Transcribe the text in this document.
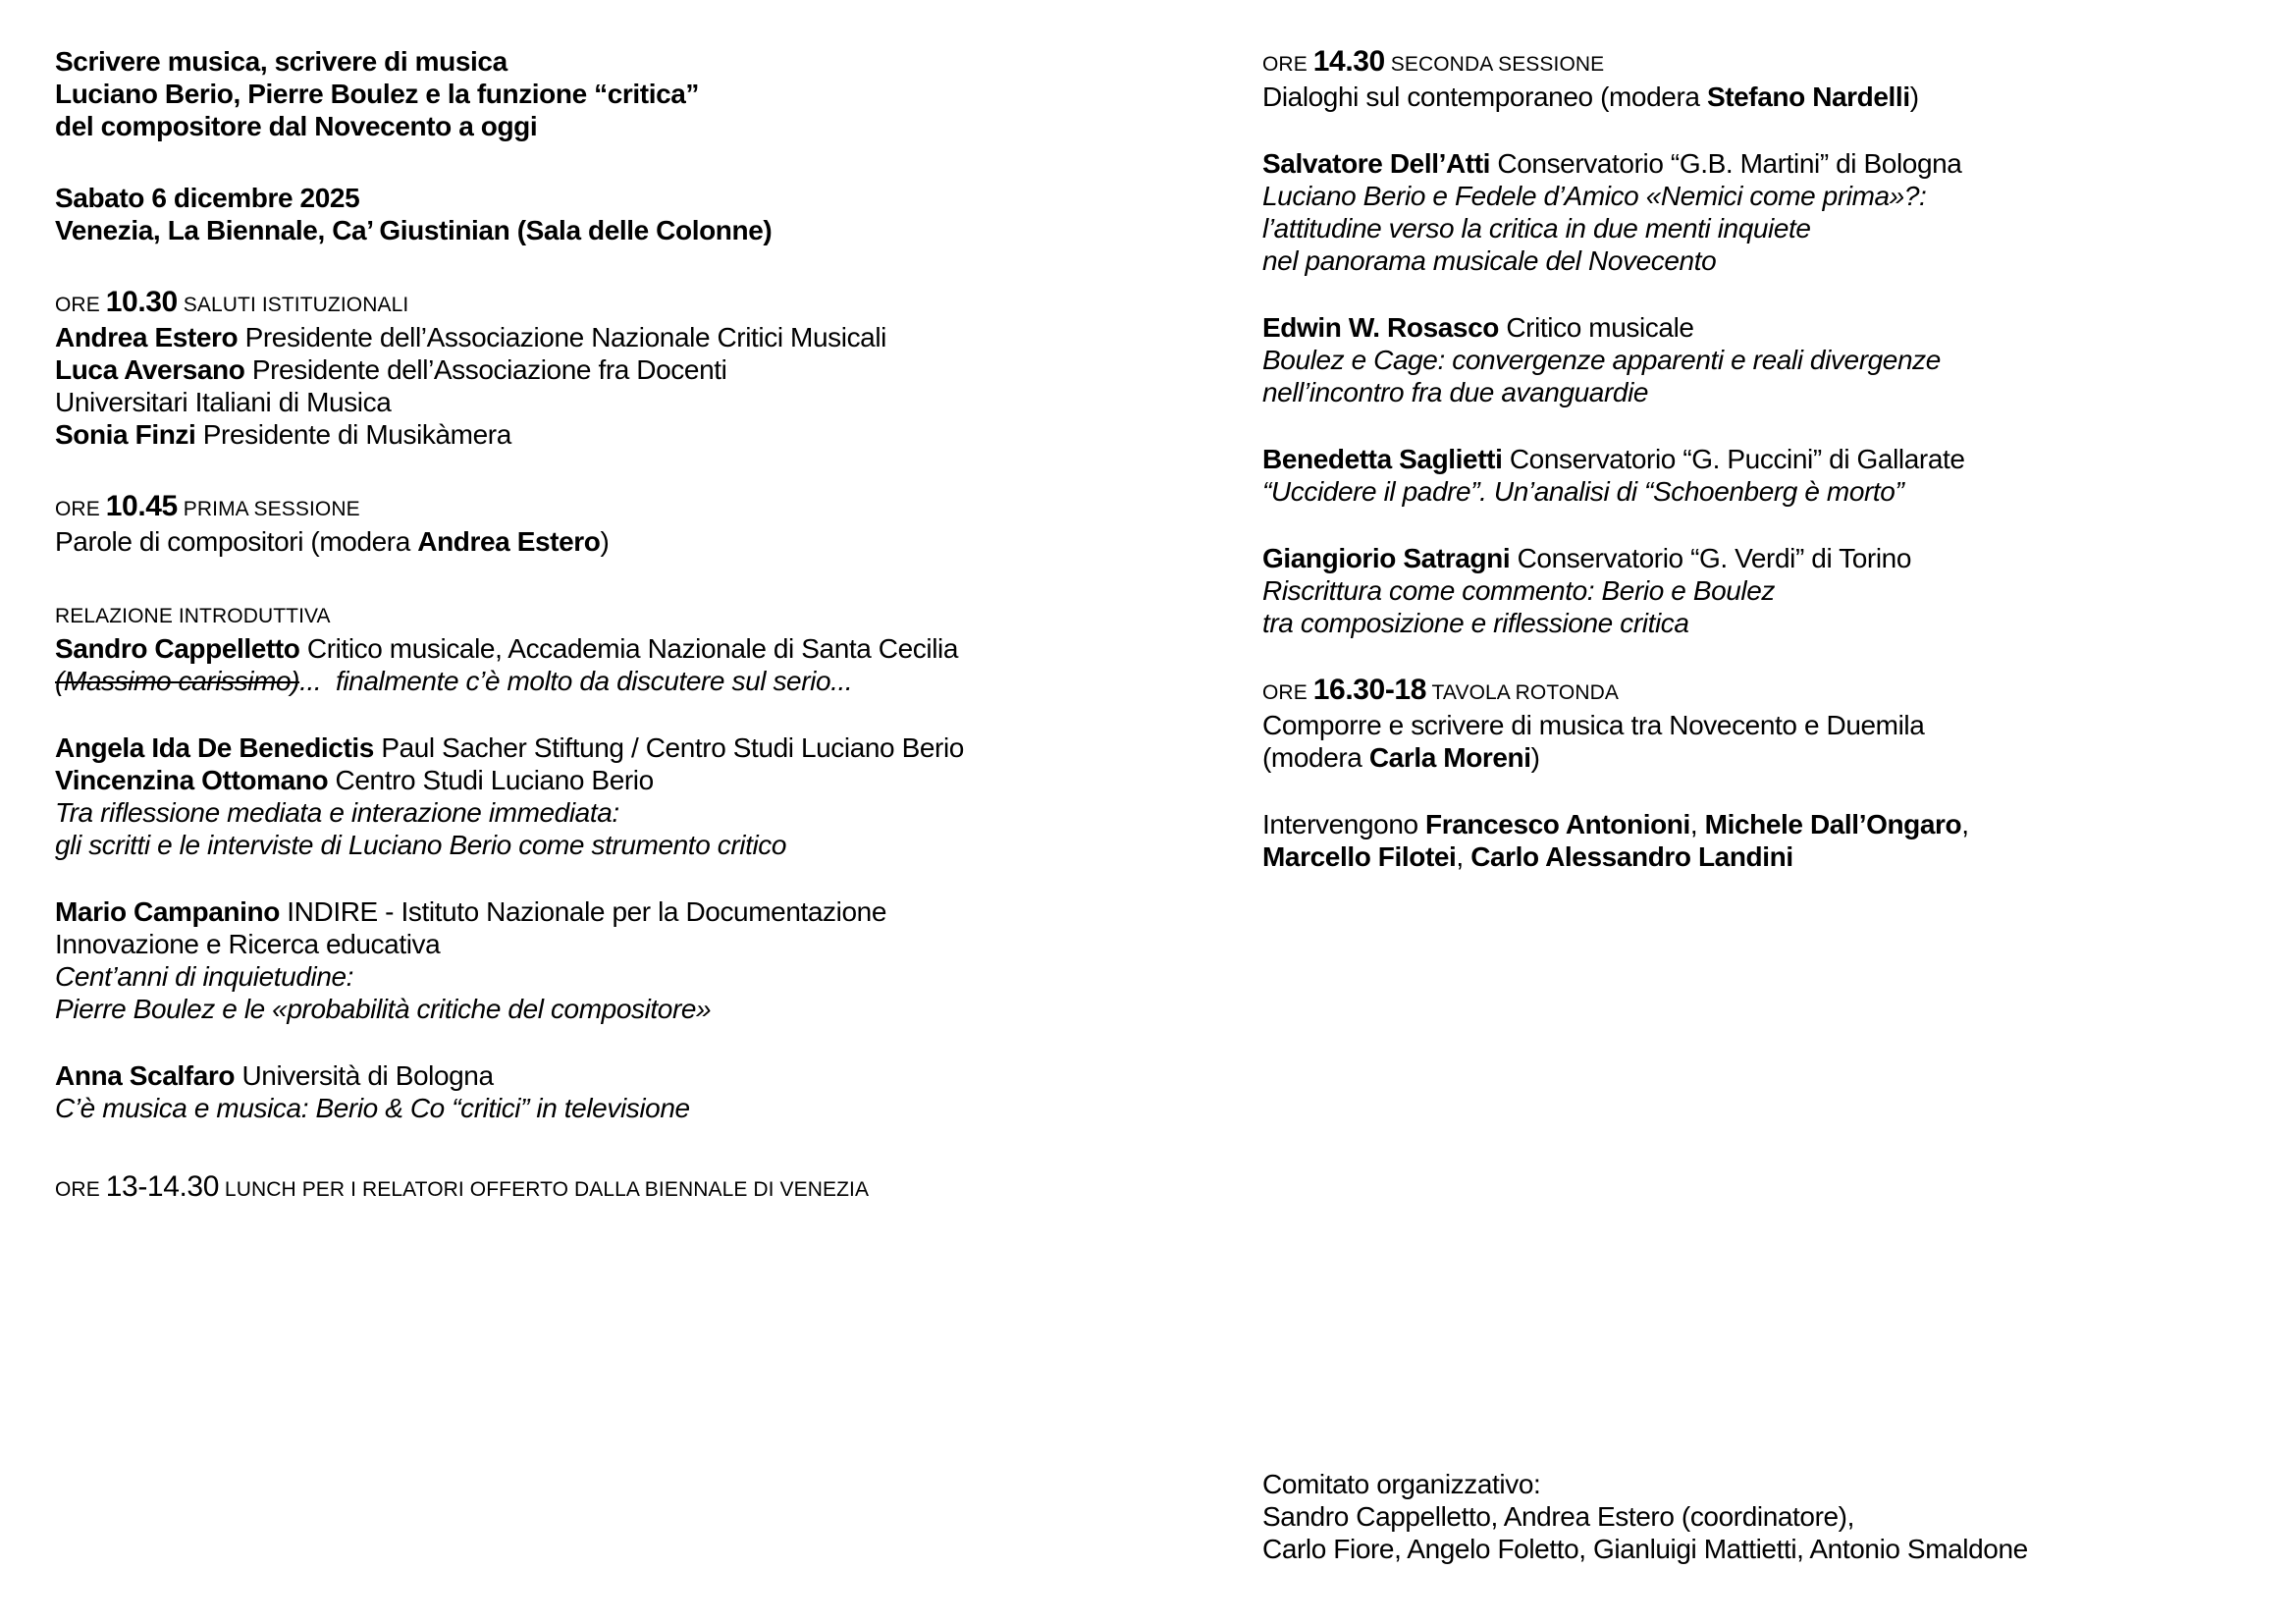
Scrivere musica, scrivere di musica
Luciano Berio, Pierre Boulez e la funzione “critica”
del compositore dal Novecento a oggi
Sabato 6 dicembre 2025
Venezia, La Biennale, Ca’ Giustinian (Sala delle Colonne)
ORE 10.30 SALUTI ISTITUZIONALI
Andrea Estero Presidente dell’Associazione Nazionale Critici Musicali
Luca Aversano Presidente dell’Associazione fra Docenti
Universitari Italiani di Musica
Sonia Finzi Presidente di Musikàmera
ORE 10.45 PRIMA SESSIONE
Parole di compositori (modera Andrea Estero)
RELAZIONE INTRODUTTIVA
Sandro Cappelletto Critico musicale, Accademia Nazionale di Santa Cecilia
(Massimo carissimo)...  finalmente c’è molto da discutere sul serio...
Angela Ida De Benedictis Paul Sacher Stiftung / Centro Studi Luciano Berio
Vincenzina Ottomano Centro Studi Luciano Berio
Tra riflessione mediata e interazione immediata:
gli scritti e le interviste di Luciano Berio come strumento critico
Mario Campanino INDIRE - Istituto Nazionale per la Documentazione
Innovazione e Ricerca educativa
Cent’anni di inquietudine:
Pierre Boulez e le «probabilità critiche del compositore»
Anna Scalfaro Università di Bologna
C’è musica e musica: Berio & Co “critici” in televisione
ORE 13-14.30 LUNCH PER I RELATORI OFFERTO DALLA BIENNALE DI VENEZIA
ORE 14.30 SECONDA SESSIONE
Dialoghi sul contemporaneo (modera Stefano Nardelli)
Salvatore Dell’Atti Conservatorio “G.B. Martini” di Bologna
Luciano Berio e Fedele d’Amico «Nemici come prima»?:
l’attitudine verso la critica in due menti inquiete
nel panorama musicale del Novecento
Edwin W. Rosasco Critico musicale
Boulez e Cage: convergenze apparenti e reali divergenze
nell’incontro fra due avanguardie
Benedetta Saglietti Conservatorio “G. Puccini” di Gallarate
“Uccidere il padre”. Un’analisi di “Schoenberg è morto”
Giangiorio Satragni Conservatorio “G. Verdi” di Torino
Riscrittura come commento: Berio e Boulez
tra composizione e riflessione critica
ORE 16.30-18 TAVOLA ROTONDA
Comporre e scrivere di musica tra Novecento e Duemila
(modera Carla Moreni)
Intervengono Francesco Antonioni, Michele Dall’Ongaro,
Marcello Filotei, Carlo Alessandro Landini
Comitato organizzativo:
Sandro Cappelletto, Andrea Estero (coordinatore),
Carlo Fiore, Angelo Foletto, Gianluigi Mattietti, Antonio Smaldone
